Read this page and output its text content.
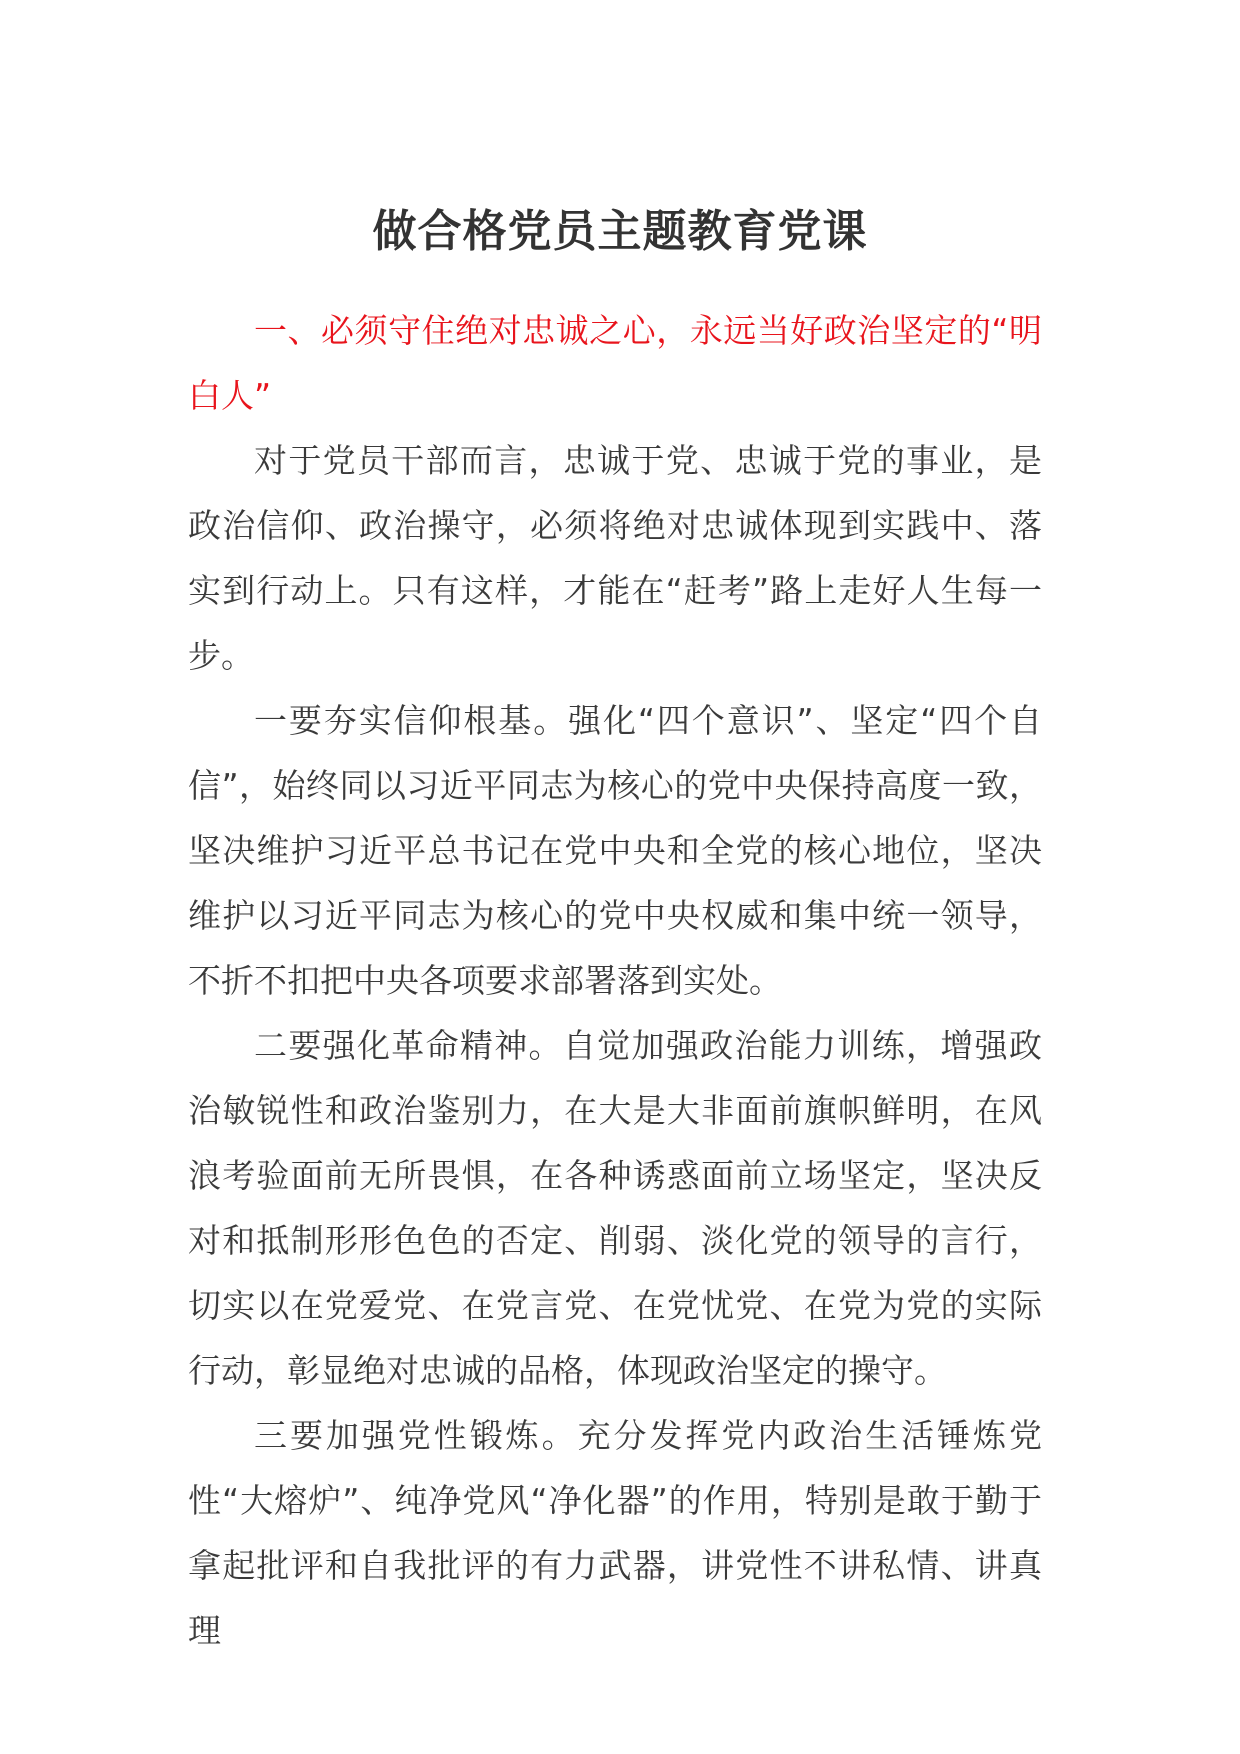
做合格党员主题教育党课

一、必须守住绝对忠诚之心，永远当好政治坚定的“明白人”

对于党员干部而言，忠诚于党、忠诚于党的事业，是政治信仰、政治操守，必须将绝对忠诚体现到实践中、落实到行动上。只有这样，才能在“赶考”路上走好人生每一步。

一要夯实信仰根基。强化“四个意识”、坚定“四个自信”，始终同以习近平同志为核心的党中央保持高度一致，坚决维护习近平总书记在党中央和全党的核心地位，坚决维护以习近平同志为核心的党中央权威和集中统一领导，不折不扣把中央各项要求部署落到实处。

二要强化革命精神。自觉加强政治能力训练，增强政治敏锐性和政治鉴别力，在大是大非面前旗帜鲜明，在风浪考验面前无所畏惧，在各种诱惑面前立场坚定，坚决反对和抵制形形色色的否定、削弱、淡化党的领导的言行，切实以在党爱党、在党言党、在党忧党、在党为党的实际行动，彰显绝对忠诚的品格，体现政治坚定的操守。

三要加强党性锻炼。充分发挥党内政治生活锤炼党性“大熔炉”、纯净党风“净化器”的作用，特别是敢于勤于拿起批评和自我批评的有力武器，讲党性不讲私情、讲真理
